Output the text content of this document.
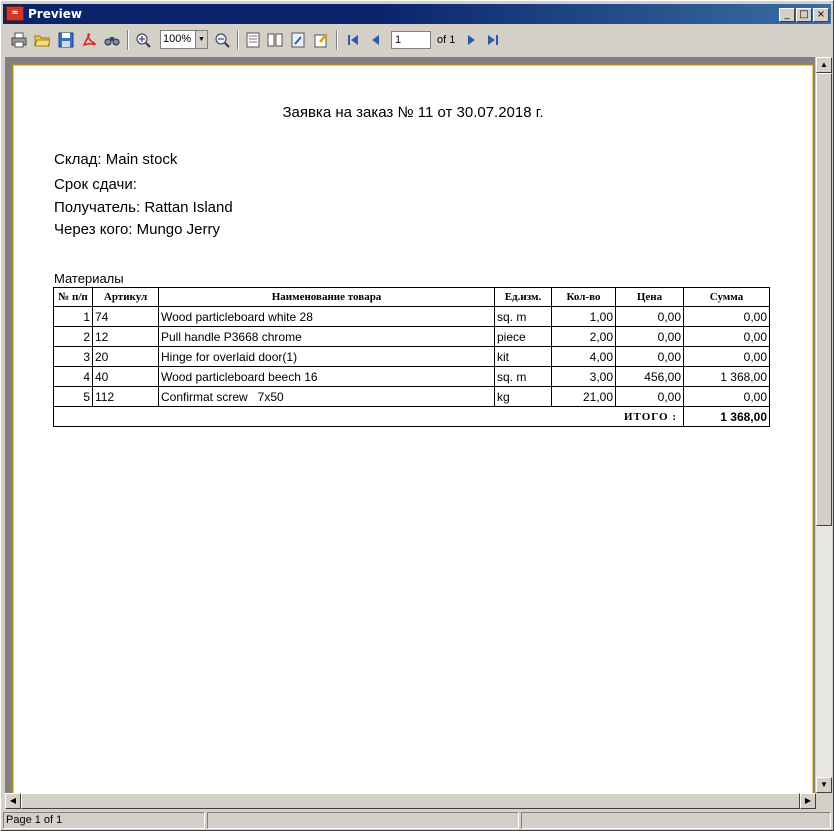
≈ Preview	_ □ ×
100% ▼	1	of 1
Заявка на заказ № 11 от 30.07.2018 г.
Склад: Main stock
Срок сдачи:
Получатель: Rattan Island
Через кого: Mungo Jerry
Материалы
№ п/п	Артикул	Наименование товара	Ед.изм.	Кол-во	Цена	Сумма
1	74	Wood particleboard white 28	sq. m	1,00	0,00	0,00
2	12	Pull handle P3668 chrome	piece	2,00	0,00	0,00
3	20	Hinge for overlaid door(1)	kit	4,00	0,00	0,00
4	40	Wood particleboard beech 16	sq. m	3,00	456,00	1 368,00
5	112	Confirmat screw   7x50	kg	21,00	0,00	0,00
ИТОГО :						1 368,00
▲
▼
◀	▶
Page 1 of 1
